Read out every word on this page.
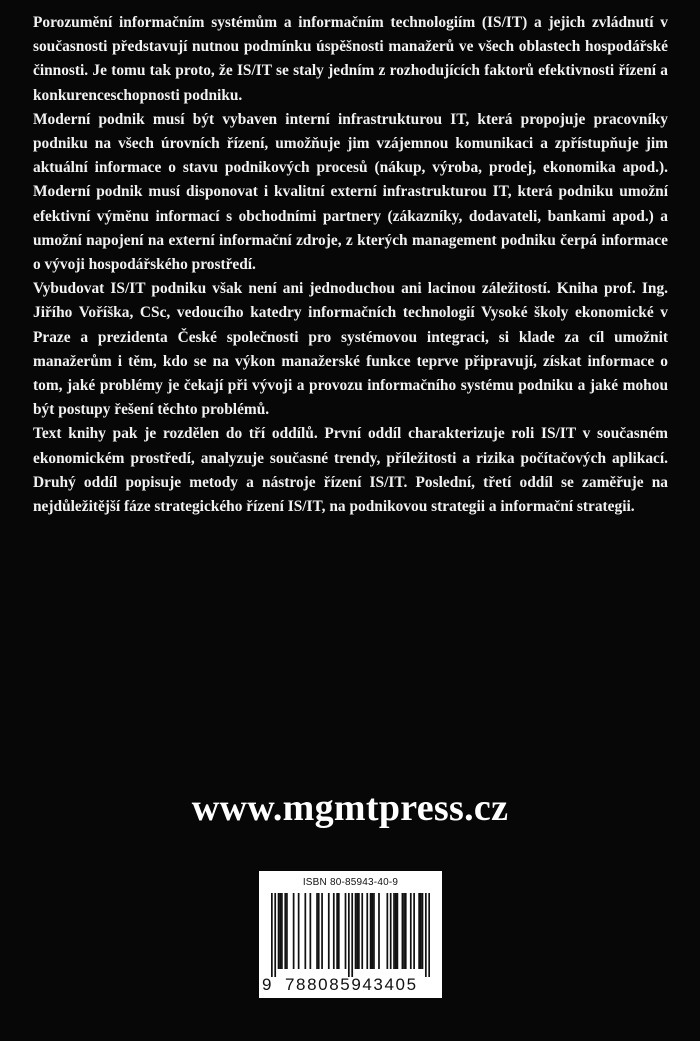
Porozumění informačním systémům a informačním technologiím (IS/IT) a jejich zvládnutí v současnosti představují nutnou podmínku úspěšnosti manažerů ve všech oblastech hospodářské činnosti. Je tomu tak proto, že IS/IT se staly jedním z rozhodujících faktorů efektivnosti řízení a konkurenceschopnosti podniku.

Moderní podnik musí být vybaven interní infrastrukturou IT, která propojuje pracovníky podniku na všech úrovních řízení, umožňuje jim vzájemnou komunikaci a zpřístupňuje jim aktuální informace o stavu podnikových procesů (nákup, výroba, prodej, ekonomika apod.). Moderní podnik musí disponovat i kvalitní externí infrastrukturou IT, která podniku umožní efektivní výměnu informací s obchodními partnery (zákazníky, dodavateli, bankami apod.) a umožní napojení na externí informační zdroje, z kterých management podniku čerpá informace o vývoji hospodářského prostředí.

Vybudovat IS/IT podniku však není ani jednoduchou ani lacinou záležitostí. Kniha prof. Ing. Jiřího Voříška, CSc, vedoucího katedry informačních technologií Vysoké školy ekonomické v Praze a prezidenta České společnosti pro systémovou integraci, si klade za cíl umožnit manažerům i těm, kdo se na výkon manažerské funkce teprve připravují, získat informace o tom, jaké problémy je čekají při vývoji a provozu informačního systému podniku a jaké mohou být postupy řešení těchto problémů.

Text knihy pak je rozdělen do tří oddílů. První oddíl charakterizuje roli IS/IT v současném ekonomickém prostředí, analyzuje současné trendy, příležitosti a rizika počítačových aplikací. Druhý oddíl popisuje metody a nástroje řízení IS/IT. Poslední, třetí oddíl se zaměřuje na nejdůležitější fáze strategického řízení IS/IT, na podnikovou strategii a informační strategii.

www.mgmtpress.cz
ISBN 80-85943-40-9
9 788085943405
